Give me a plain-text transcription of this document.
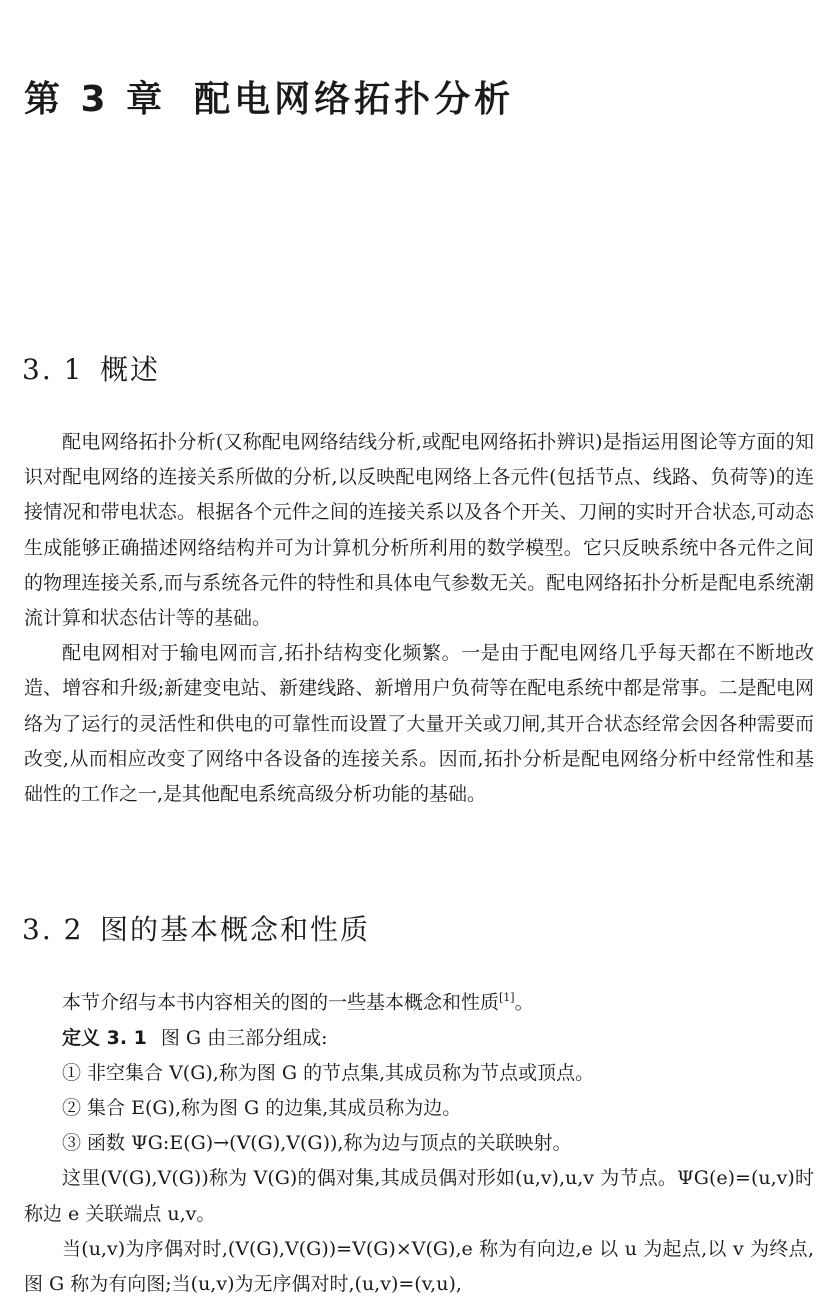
第 3 章 配电网络拓扑分析
3. 1 概述

配电网络拓扑分析(又称配电网络结线分析,或配电网络拓扑辨识)是指运用图论等方面的知识对配电网络的连接关系所做的分析,以反映配电网络上各元件(包括节点、线路、负荷等)的连接情况和带电状态。根据各个元件之间的连接关系以及各个开关、刀闸的实时开合状态,可动态生成能够正确描述网络结构并可为计算机分析所利用的数学模型。它只反映系统中各元件之间的物理连接关系,而与系统各元件的特性和具体电气参数无关。配电网络拓扑分析是配电系统潮流计算和状态估计等的基础。

配电网相对于输电网而言,拓扑结构变化频繁。一是由于配电网络几乎每天都在不断地改造、增容和升级;新建变电站、新建线路、新增用户负荷等在配电系统中都是常事。二是配电网络为了运行的灵活性和供电的可靠性而设置了大量开关或刀闸,其开合状态经常会因各种需要而改变,从而相应改变了网络中各设备的连接关系。因而,拓扑分析是配电网络分析中经常性和基础性的工作之一,是其他配电系统高级分析功能的基础。

3. 2 图的基本概念和性质

本节介绍与本书内容相关的图的一些基本概念和性质[1]。

定义 3. 1 图 G 由三部分组成:

① 非空集合 V(G),称为图 G 的节点集,其成员称为节点或顶点。

② 集合 E(G),称为图 G 的边集,其成员称为边。

③ 函数 ΨG:E(G)→(V(G),V(G)),称为边与顶点的关联映射。

这里(V(G),V(G))称为 V(G)的偶对集,其成员偶对形如(u,v),u,v 为节点。ΨG(e)=(u,v)时称边 e 关联端点 u,v。

当(u,v)为序偶对时,(V(G),V(G))=V(G)×V(G),e 称为有向边,e 以 u 为起点,以 v 为终点,图 G 称为有向图;当(u,v)为无序偶对时,(u,v)=(v,u),
